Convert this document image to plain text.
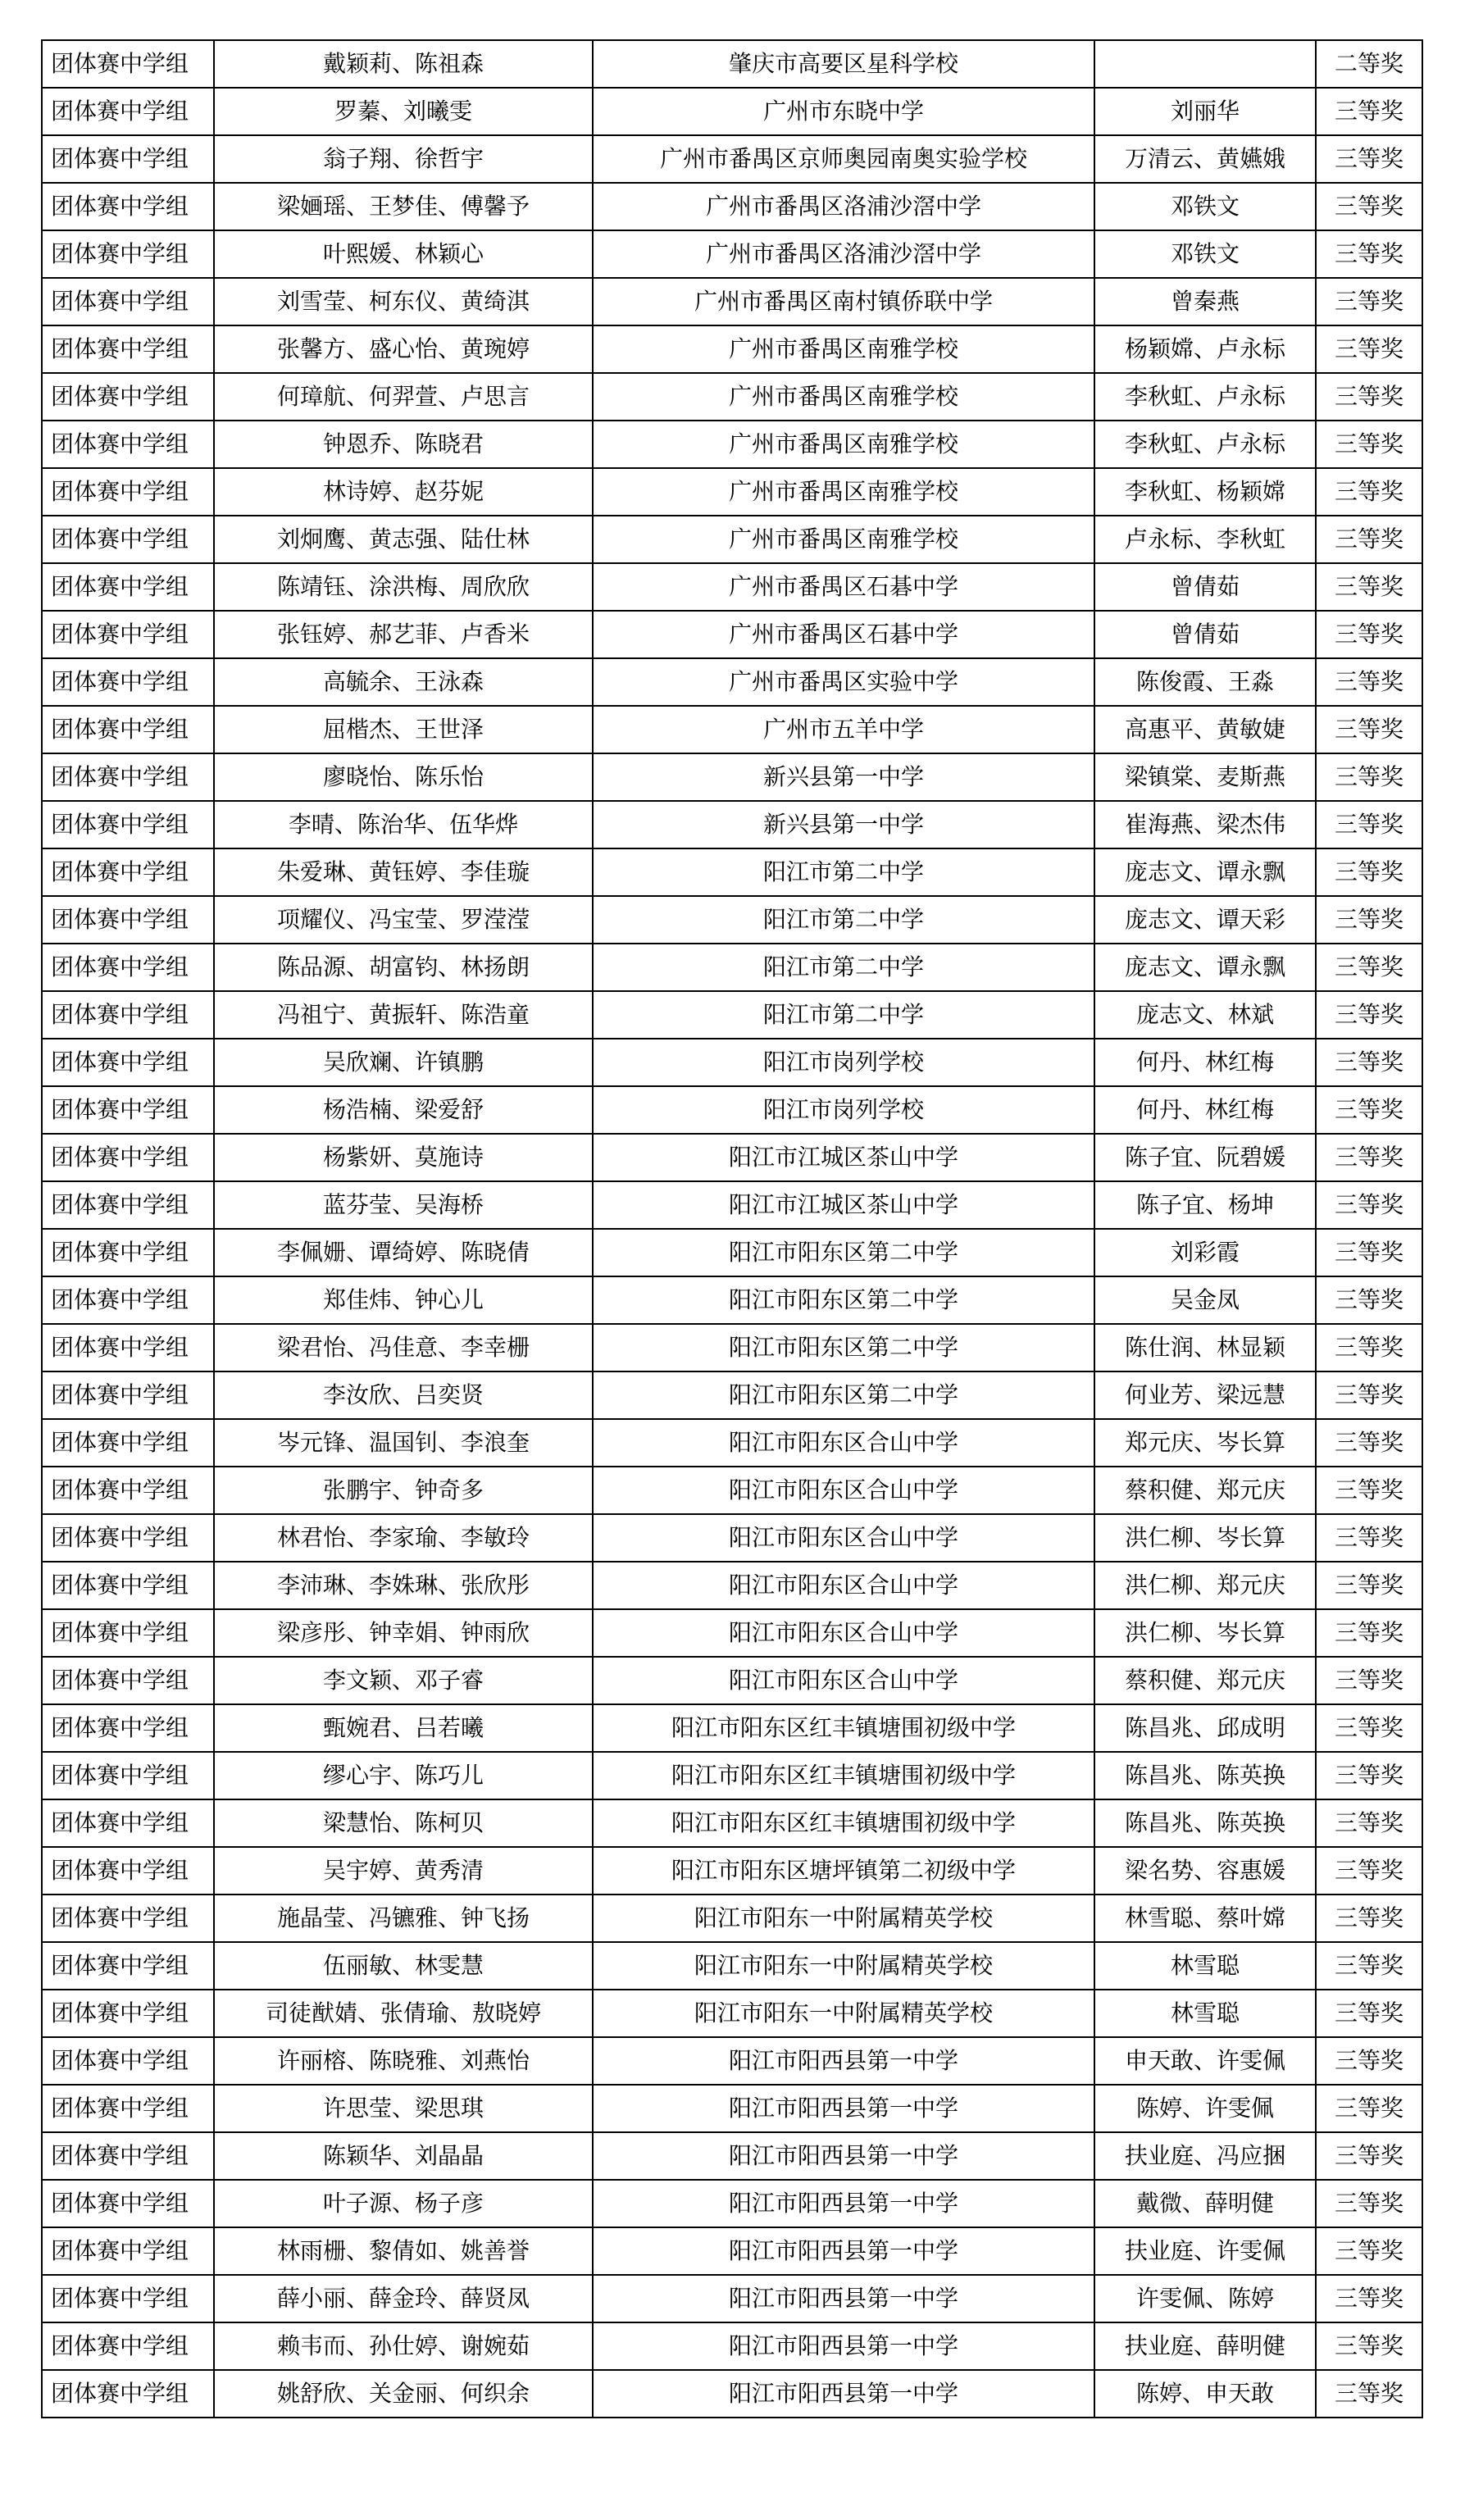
团体赛中学组	戴颖莉、陈祖森	肇庆市高要区星科学校		二等奖
团体赛中学组	罗蓁、刘曦雯	广州市东晓中学	刘丽华	三等奖
团体赛中学组	翁子翔、徐哲宇	广州市番禺区京师奥园南奥实验学校	万清云、黄嬿娥	三等奖
团体赛中学组	梁婳瑶、王梦佳、傅馨予	广州市番禺区洛浦沙滘中学	邓铁文	三等奖
团体赛中学组	叶熙媛、林颖心	广州市番禺区洛浦沙滘中学	邓铁文	三等奖
团体赛中学组	刘雪莹、柯东仪、黄绮淇	广州市番禺区南村镇侨联中学	曾秦燕	三等奖
团体赛中学组	张馨方、盛心怡、黄琬婷	广州市番禺区南雅学校	杨颖嫦、卢永标	三等奖
团体赛中学组	何璋航、何羿萱、卢思言	广州市番禺区南雅学校	李秋虹、卢永标	三等奖
团体赛中学组	钟恩乔、陈晓君	广州市番禺区南雅学校	李秋虹、卢永标	三等奖
团体赛中学组	林诗婷、赵芬妮	广州市番禺区南雅学校	李秋虹、杨颖嫦	三等奖
团体赛中学组	刘炯鹰、黄志强、陆仕林	广州市番禺区南雅学校	卢永标、李秋虹	三等奖
团体赛中学组	陈靖钰、涂洪梅、周欣欣	广州市番禺区石碁中学	曾倩茹	三等奖
团体赛中学组	张钰婷、郝艺菲、卢香米	广州市番禺区石碁中学	曾倩茹	三等奖
团体赛中学组	高毓余、王泳森	广州市番禺区实验中学	陈俊霞、王淼	三等奖
团体赛中学组	屈楷杰、王世泽	广州市五羊中学	高惠平、黄敏婕	三等奖
团体赛中学组	廖晓怡、陈乐怡	新兴县第一中学	梁镇棠、麦斯燕	三等奖
团体赛中学组	李晴、陈治华、伍华烨	新兴县第一中学	崔海燕、梁杰伟	三等奖
团体赛中学组	朱爱琳、黄钰婷、李佳璇	阳江市第二中学	庞志文、谭永飘	三等奖
团体赛中学组	项耀仪、冯宝莹、罗滢滢	阳江市第二中学	庞志文、谭天彩	三等奖
团体赛中学组	陈品源、胡富钧、林扬朗	阳江市第二中学	庞志文、谭永飘	三等奖
团体赛中学组	冯祖宁、黄振轩、陈浩童	阳江市第二中学	庞志文、林斌	三等奖
团体赛中学组	吴欣斓、许镇鹏	阳江市岗列学校	何丹、林红梅	三等奖
团体赛中学组	杨浩楠、梁爱舒	阳江市岗列学校	何丹、林红梅	三等奖
团体赛中学组	杨紫妍、莫施诗	阳江市江城区茶山中学	陈子宜、阮碧媛	三等奖
团体赛中学组	蓝芬莹、吴海桥	阳江市江城区茶山中学	陈子宜、杨坤	三等奖
团体赛中学组	李佩姗、谭绮婷、陈晓倩	阳江市阳东区第二中学	刘彩霞	三等奖
团体赛中学组	郑佳炜、钟心儿	阳江市阳东区第二中学	吴金凤	三等奖
团体赛中学组	梁君怡、冯佳意、李幸栅	阳江市阳东区第二中学	陈仕润、林显颖	三等奖
团体赛中学组	李汝欣、吕奕贤	阳江市阳东区第二中学	何业芳、梁远慧	三等奖
团体赛中学组	岑元锋、温国钊、李浪奎	阳江市阳东区合山中学	郑元庆、岑长算	三等奖
团体赛中学组	张鹏宇、钟奇多	阳江市阳东区合山中学	蔡积健、郑元庆	三等奖
团体赛中学组	林君怡、李家瑜、李敏玲	阳江市阳东区合山中学	洪仁柳、岑长算	三等奖
团体赛中学组	李沛琳、李姝琳、张欣彤	阳江市阳东区合山中学	洪仁柳、郑元庆	三等奖
团体赛中学组	梁彦彤、钟幸娟、钟雨欣	阳江市阳东区合山中学	洪仁柳、岑长算	三等奖
团体赛中学组	李文颖、邓子睿	阳江市阳东区合山中学	蔡积健、郑元庆	三等奖
团体赛中学组	甄婉君、吕若曦	阳江市阳东区红丰镇塘围初级中学	陈昌兆、邱成明	三等奖
团体赛中学组	缪心宇、陈巧儿	阳江市阳东区红丰镇塘围初级中学	陈昌兆、陈英换	三等奖
团体赛中学组	梁慧怡、陈柯贝	阳江市阳东区红丰镇塘围初级中学	陈昌兆、陈英换	三等奖
团体赛中学组	吴宇婷、黄秀清	阳江市阳东区塘坪镇第二初级中学	梁名势、容惠媛	三等奖
团体赛中学组	施晶莹、冯镳雅、钟飞扬	阳江市阳东一中附属精英学校	林雪聪、蔡叶嫦	三等奖
团体赛中学组	伍丽敏、林雯慧	阳江市阳东一中附属精英学校	林雪聪	三等奖
团体赛中学组	司徒猷婧、张倩瑜、敖晓婷	阳江市阳东一中附属精英学校	林雪聪	三等奖
团体赛中学组	许丽榕、陈晓雅、刘燕怡	阳江市阳西县第一中学	申天敢、许雯佩	三等奖
团体赛中学组	许思莹、梁思琪	阳江市阳西县第一中学	陈婷、许雯佩	三等奖
团体赛中学组	陈颖华、刘晶晶	阳江市阳西县第一中学	扶业庭、冯应捆	三等奖
团体赛中学组	叶子源、杨子彦	阳江市阳西县第一中学	戴微、薛明健	三等奖
团体赛中学组	林雨栅、黎倩如、姚善誉	阳江市阳西县第一中学	扶业庭、许雯佩	三等奖
团体赛中学组	薛小丽、薛金玲、薛贤凤	阳江市阳西县第一中学	许雯佩、陈婷	三等奖
团体赛中学组	赖韦而、孙仕婷、谢婉茹	阳江市阳西县第一中学	扶业庭、薛明健	三等奖
团体赛中学组	姚舒欣、关金丽、何织余	阳江市阳西县第一中学	陈婷、申天敢	三等奖
